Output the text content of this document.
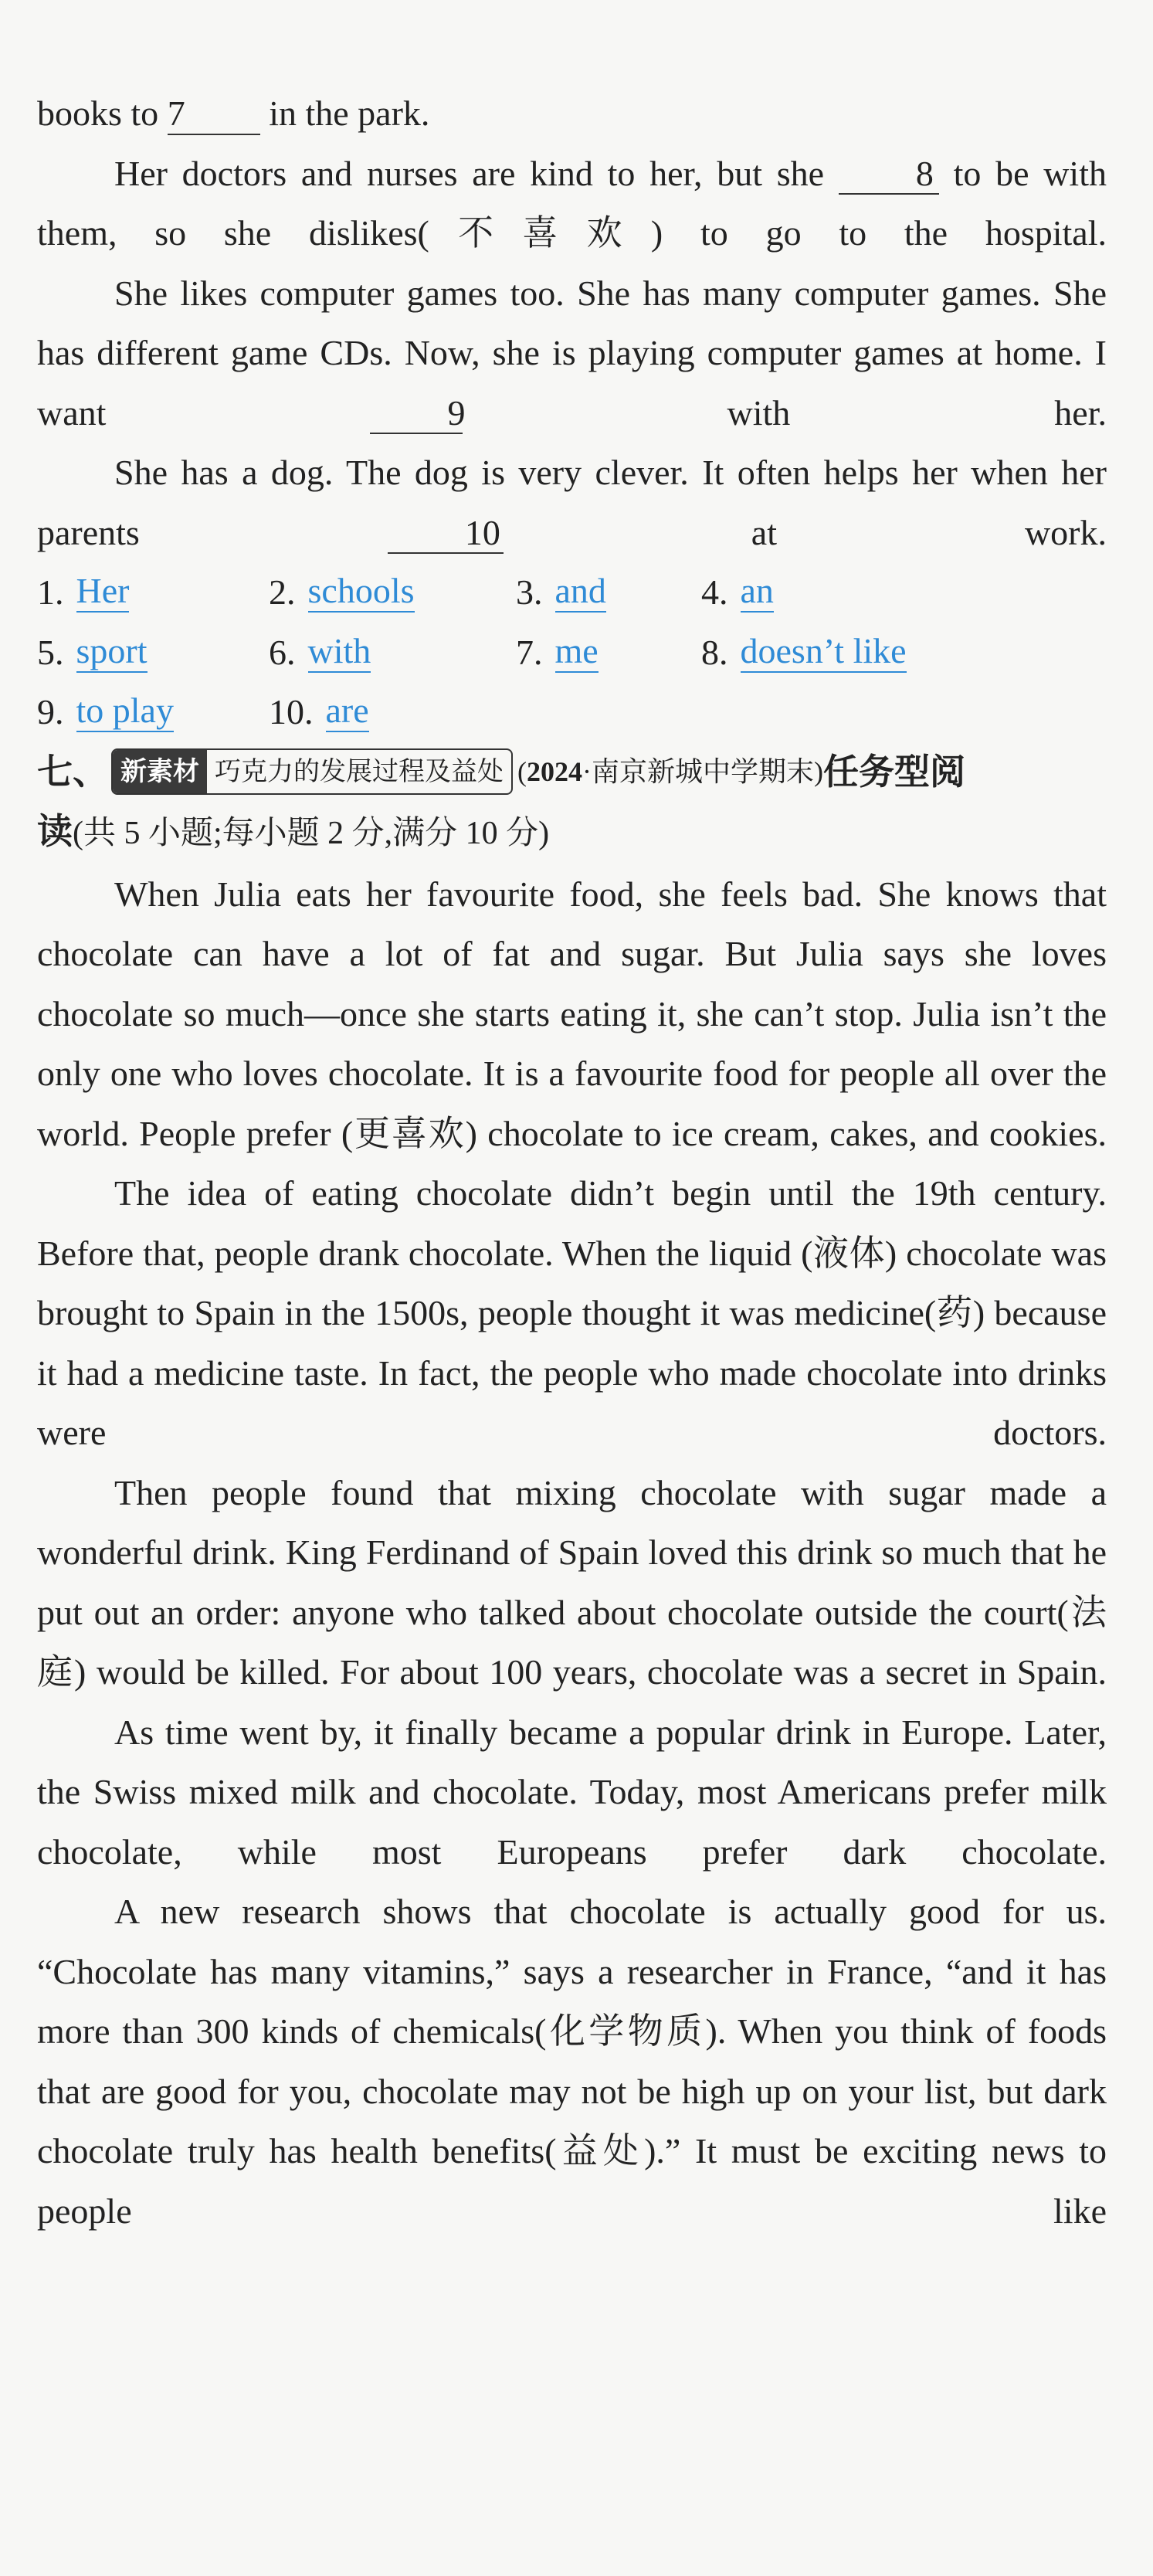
books to 7 in the park.

Her doctors and nurses are kind to her, but she	8 to be with them, so she dislikes(不喜欢) to go to the hospital.

She likes computer games too. She has many computer games. She has different game CDs. Now, she is playing computer games at home. I want	9	with her.

She has a dog. The dog is very clever. It often helps her when her parents	10	at work.

1. Her	2. schools	3. and	4. an
5. sport	6. with	7. me	8. doesn’t like
9. to play	10. are
七、 新素材 巧克力的发展过程及益处 (2024·南京新城中学期末) 任务型阅
读(共 5 小题;每小题 2 分,满分 10 分)

When Julia eats her favourite food, she feels bad. She knows that chocolate can have a lot of fat and sugar. But Julia says she loves chocolate so much—once she starts eating it, she can’t stop. Julia isn’t the only one who loves chocolate. It is a favourite food for people all over the world. People prefer (更喜欢) chocolate to ice cream, cakes, and cookies.

The idea of eating chocolate didn’t begin until the 19th century. Before that, people drank chocolate. When the liquid (液体) chocolate was brought to Spain in the 1500s, people thought it was medicine(药) because it had a medicine taste. In fact, the people who made chocolate into drinks were doctors.

Then people found that mixing chocolate with sugar made a wonderful drink. King Ferdinand of Spain loved this drink so much that he put out an order: anyone who talked about chocolate outside the court(法庭) would be killed. For about 100 years, chocolate was a secret in Spain.

As time went by, it finally became a popular drink in Europe. Later, the Swiss mixed milk and chocolate. Today, most Americans prefer milk chocolate, while most Europeans prefer dark chocolate.

A new research shows that chocolate is actually good for us. “Chocolate has many vitamins,” says a researcher in France, “and it has more than 300 kinds of chemicals(化学物质). When you think of foods that are good for you, chocolate may not be high up on your list, but dark chocolate truly has health benefits(益处).” It must be exciting news to people like
